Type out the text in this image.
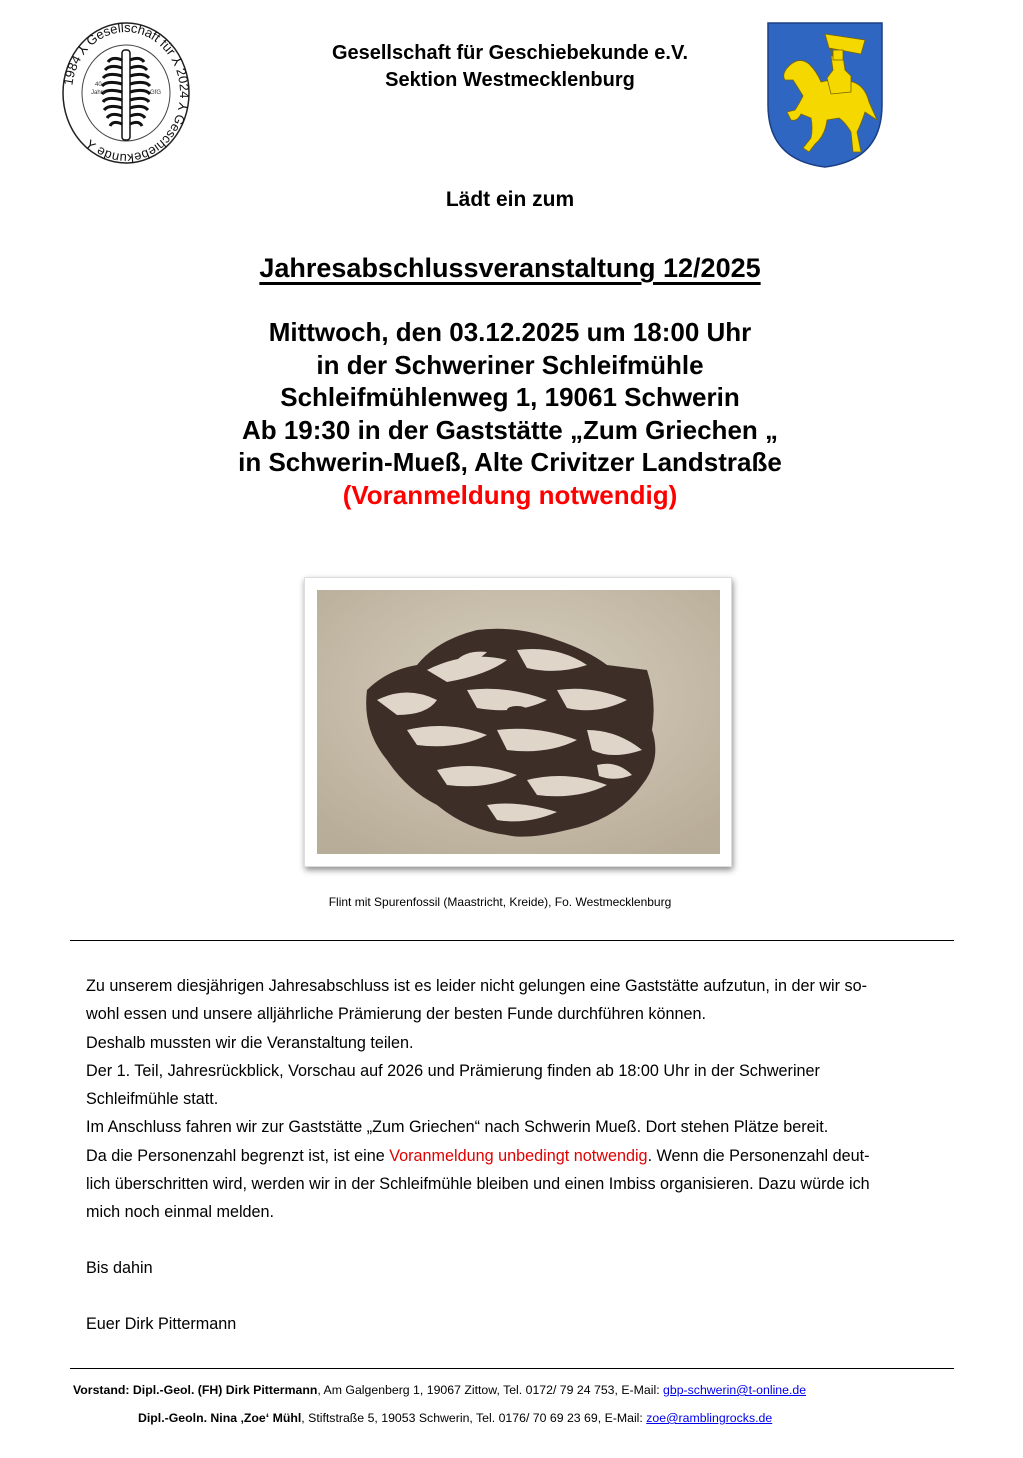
1984 ⅄ Gesellschaft für ⅄ 2024 ⅄ Geschiebekunde ⅄
40
Jahre	GfG
Gesellschaft für Geschiebekunde e.V.
Sektion Westmecklenburg
Lädt ein zum
Jahresabschlussveranstaltung 12/2025
Mittwoch, den 03.12.2025 um 18:00 Uhr
in der Schweriner Schleifmühle
Schleifmühlenweg 1, 19061 Schwerin
Ab 19:30 in der Gaststätte „Zum Griechen „
in Schwerin-Mueß, Alte Crivitzer Landstraße
(Voranmeldung notwendig)
Flint mit Spurenfossil (Maastricht, Kreide), Fo. Westmecklenburg

Zu unserem diesjährigen Jahresabschluss ist es leider nicht gelungen eine Gaststätte aufzutun, in der wir so-

wohl essen und unsere alljährliche Prämierung der besten Funde durchführen können.

Deshalb mussten wir die Veranstaltung teilen.

Der 1. Teil, Jahresrückblick, Vorschau auf 2026 und Prämierung finden ab 18:00 Uhr in der Schweriner

Schleifmühle statt.

Im Anschluss fahren wir zur Gaststätte „Zum Griechen“ nach Schwerin Mueß. Dort stehen Plätze bereit.

Da die Personenzahl begrenzt ist, ist eine Voranmeldung unbedingt notwendig. Wenn die Personenzahl deut-

lich überschritten wird, werden wir in der Schleifmühle bleiben und einen Imbiss organisieren. Dazu würde ich

mich noch einmal melden.

Bis dahin
Euer Dirk Pittermann
Vorstand: Dipl.-Geol. (FH) Dirk Pittermann, Am Galgenberg 1, 19067 Zittow, Tel. 0172/ 79 24 753, E-Mail: gbp-schwerin@t-online.de
Dipl.-Geoln. Nina ‚Zoe‘ Mühl, Stiftstraße 5, 19053 Schwerin, Tel. 0176/ 70 69 23 69, E-Mail: zoe@ramblingrocks.de
